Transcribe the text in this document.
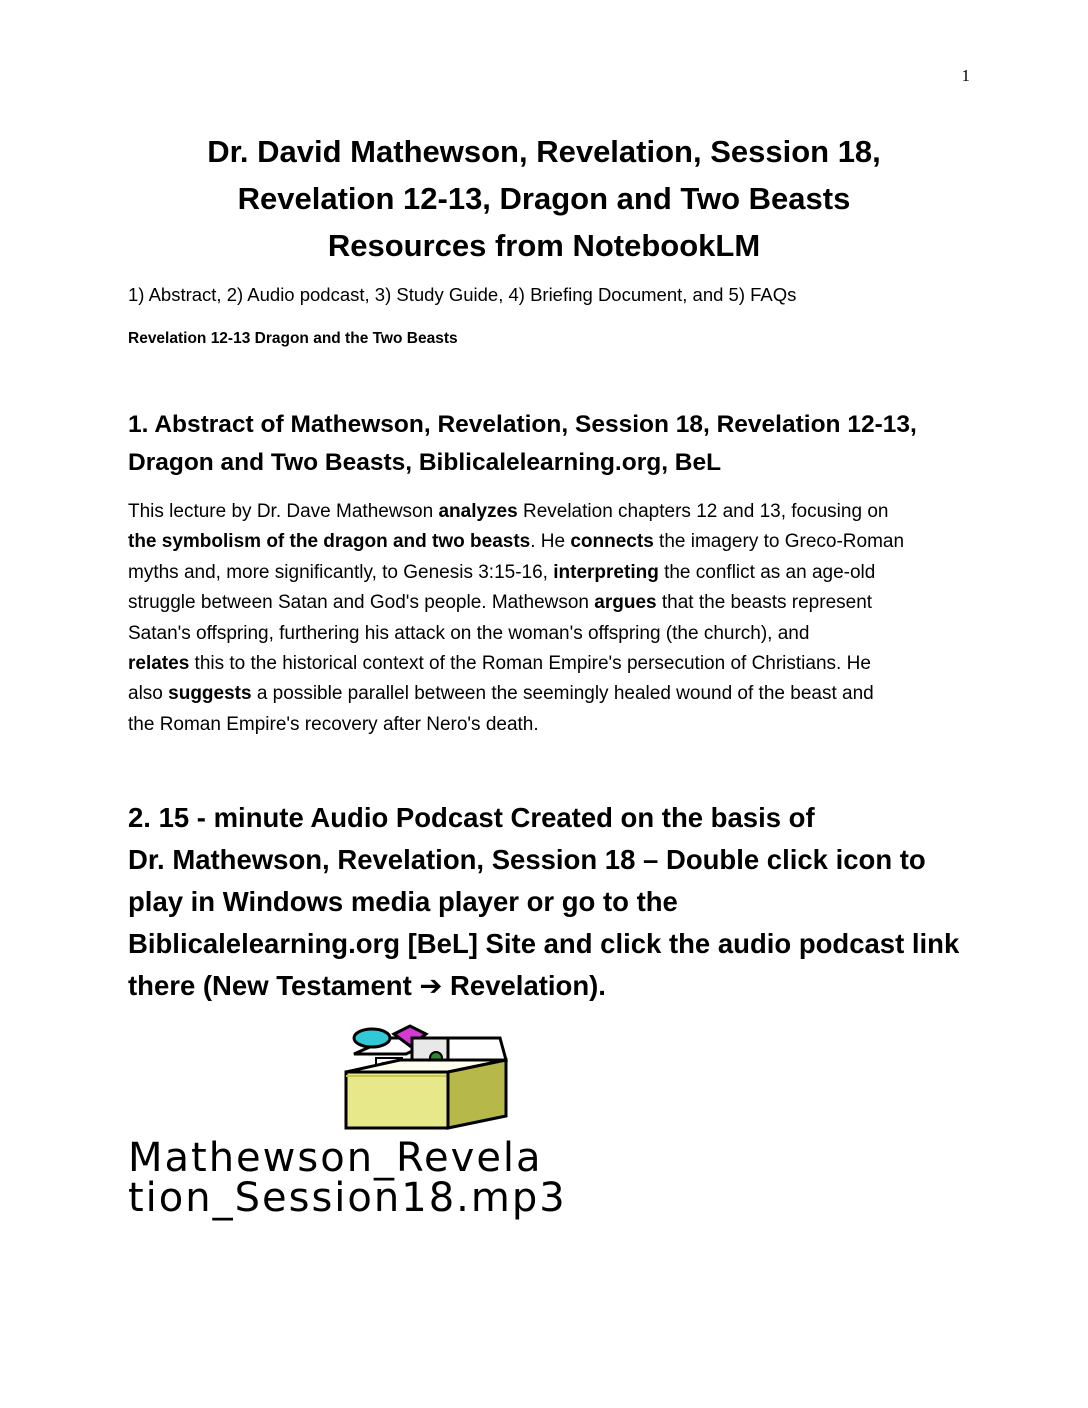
1
Dr. David Mathewson, Revelation, Session 18,
Revelation 12-13, Dragon and Two Beasts
Resources from NotebookLM
1) Abstract, 2) Audio podcast, 3) Study Guide, 4) Briefing Document, and 5) FAQs
Revelation 12-13 Dragon and the Two Beasts
1. Abstract of Mathewson, Revelation, Session 18, Revelation 12-13,
Dragon and Two Beasts, Biblicalelearning.org, BeL
This lecture by Dr. Dave Mathewson analyzes Revelation chapters 12 and 13, focusing on
the symbolism of the dragon and two beasts. He connects the imagery to Greco-Roman
myths and, more significantly, to Genesis 3:15-16, interpreting the conflict as an age-old
struggle between Satan and God's people. Mathewson argues that the beasts represent
Satan's offspring, furthering his attack on the woman's offspring (the church), and
relates this to the historical context of the Roman Empire's persecution of Christians. He
also suggests a possible parallel between the seemingly healed wound of the beast and
the Roman Empire's recovery after Nero's death.
2. 15 - minute Audio Podcast Created on the basis of
Dr. Mathewson, Revelation, Session 18 – Double click icon to
play in Windows media player or go to the
Biblicalelearning.org [BeL] Site and click the audio podcast link
there (New Testament ➔ Revelation).
Mathewson_Revela
tion_Session18.mp3
